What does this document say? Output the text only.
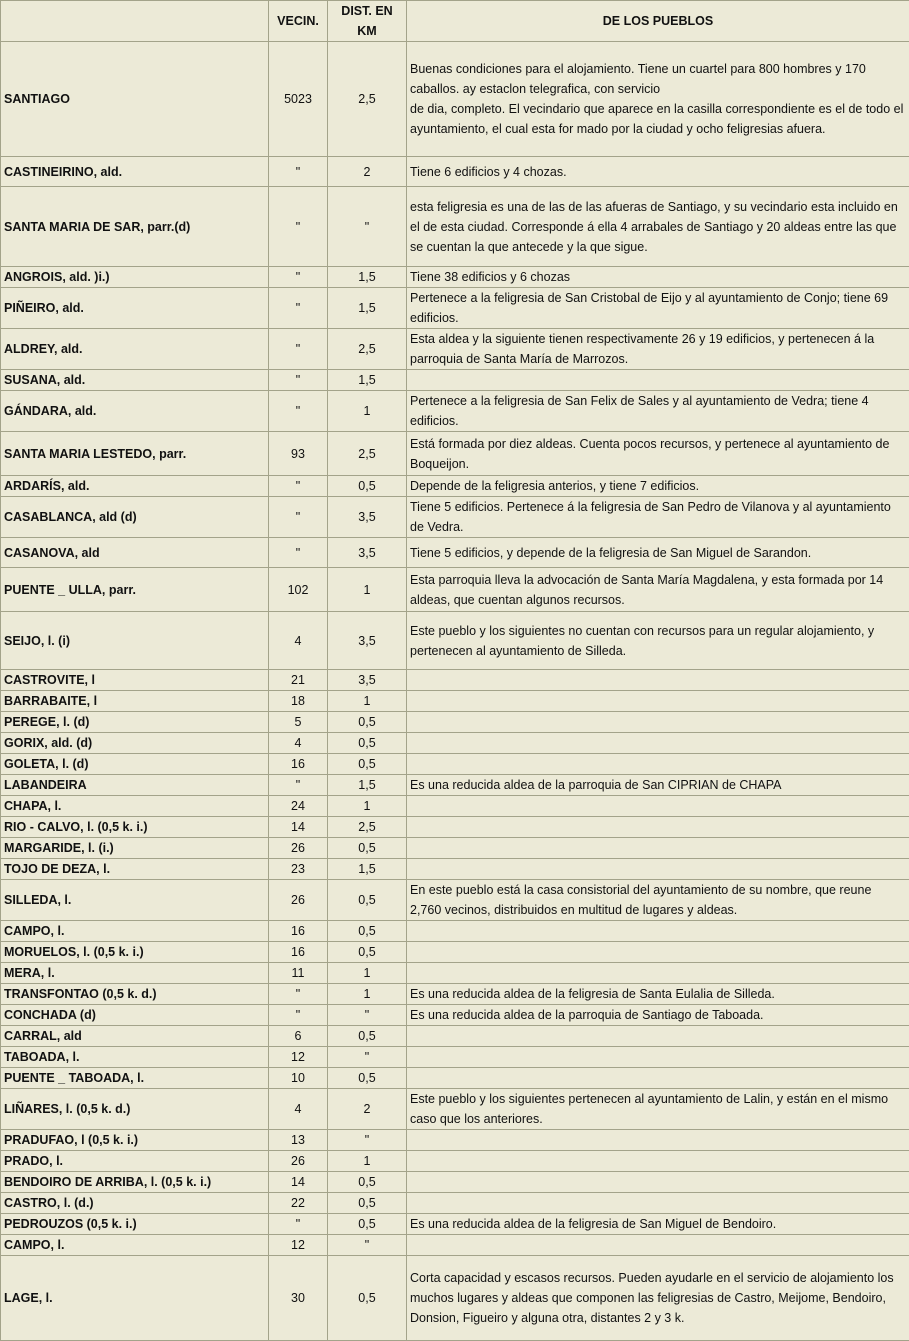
	VECIN.	DIST. EN KM	DE LOS PUEBLOS
SANTIAGO	5023	2,5	Buenas condiciones para el alojamiento. Tiene un cuartel para 800 hombres y 170 caballos. ay estaclon telegrafica, con servicio
de dia, completo. El vecindario que aparece en la casilla correspondiente es el de todo el ayuntamiento, el cual esta for mado por la ciudad y ocho feligresias afuera.
CASTINEIRINO, ald.	"	2	Tiene 6 edificios y 4 chozas.
SANTA MARIA DE SAR, parr.(d)	"	"	esta feligresia es una de las de las afueras de Santiago, y su vecindario esta incluido en el de esta ciudad. Corresponde á ella 4 arrabales de Santiago y 20 aldeas entre las que se cuentan la que antecede y la que sigue.
ANGROIS, ald. )i.)	"	1,5	Tiene 38 edificios y 6 chozas
PIÑEIRO, ald.	"	1,5	Pertenece a la feligresia de San Cristobal de Eijo y al ayuntamiento de Conjo; tiene 69 edificios.
ALDREY, ald.	"	2,5	Esta aldea y la siguiente tienen respectivamente 26 y 19 edificios, y pertenecen á la parroquia de Santa María de Marrozos.
SUSANA, ald.	"	1,5	
GÁNDARA, ald.	"	1	Pertenece a la feligresia de San Felix de Sales y al ayuntamiento de Vedra; tiene 4 edificios.
SANTA MARIA LESTEDO, parr.	93	2,5	Está formada por diez aldeas. Cuenta pocos recursos, y pertenece al ayuntamiento de Boqueijon.
ARDARÍS, ald.	"	0,5	Depende de la feligresia anterios, y tiene 7 edificios.
CASABLANCA, ald (d)	"	3,5	Tiene 5 edificios. Pertenece á la feligresia de San Pedro de Vilanova y al ayuntamiento de Vedra.
CASANOVA, ald	"	3,5	Tiene 5 edificios, y depende de la feligresia de San Miguel de Sarandon.
PUENTE _ ULLA, parr.	102	1	Esta parroquia lleva la advocación de Santa María Magdalena, y esta formada por 14 aldeas, que cuentan algunos recursos.
SEIJO, l. (i)	4	3,5	Este pueblo y los siguientes no cuentan con recursos para un regular alojamiento, y pertenecen al ayuntamiento de Silleda.
CASTROVITE, l	21	3,5	
BARRABAITE, l	18	1	
PEREGE, l. (d)	5	0,5	
GORIX, ald. (d)	4	0,5	
GOLETA, l. (d)	16	0,5	
LABANDEIRA	"	1,5	Es una reducida aldea de la parroquia de San CIPRIAN de CHAPA
CHAPA, l.	24	1	
RIO - CALVO, l. (0,5 k. i.)	14	2,5	
MARGARIDE, l. (i.)	26	0,5	
TOJO DE DEZA, l.	23	1,5	
SILLEDA, l.	26	0,5	En este pueblo está la casa consistorial del ayuntamiento de su nombre, que reune 2,760 vecinos, distribuidos en multitud de lugares y aldeas.
CAMPO, l.	16	0,5	
MORUELOS, l. (0,5 k. i.)	16	0,5	
MERA, l.	11	1	
TRANSFONTAO (0,5 k. d.)	"	1	Es una reducida aldea de la feligresia de Santa Eulalia de Silleda.
CONCHADA (d)	"	"	Es una reducida aldea de la parroquia de Santiago de Taboada.
CARRAL, ald	6	0,5	
TABOADA, l.	12	"	
PUENTE _ TABOADA, l.	10	0,5	
LIÑARES, l. (0,5 k. d.)	4	2	Este pueblo y los siguientes pertenecen al ayuntamiento de Lalin, y están en el mismo caso que los anteriores.
PRADUFAO, l (0,5 k. i.)	13	"	
PRADO, l.	26	1	
BENDOIRO DE ARRIBA, l. (0,5 k. i.)	14	0,5	
CASTRO, l. (d.)	22	0,5	
PEDROUZOS (0,5 k. i.)	"	0,5	Es una reducida aldea de la feligresia de San Miguel de Bendoiro.
CAMPO, l.	12	"	
LAGE, l.	30	0,5	Corta capacidad y escasos recursos. Pueden ayudarle en el servicio de alojamiento los muchos lugares y aldeas que componen las feligresias de Castro, Meijome, Bendoiro, Donsion, Figueiro y alguna otra, distantes 2 y 3 k.
